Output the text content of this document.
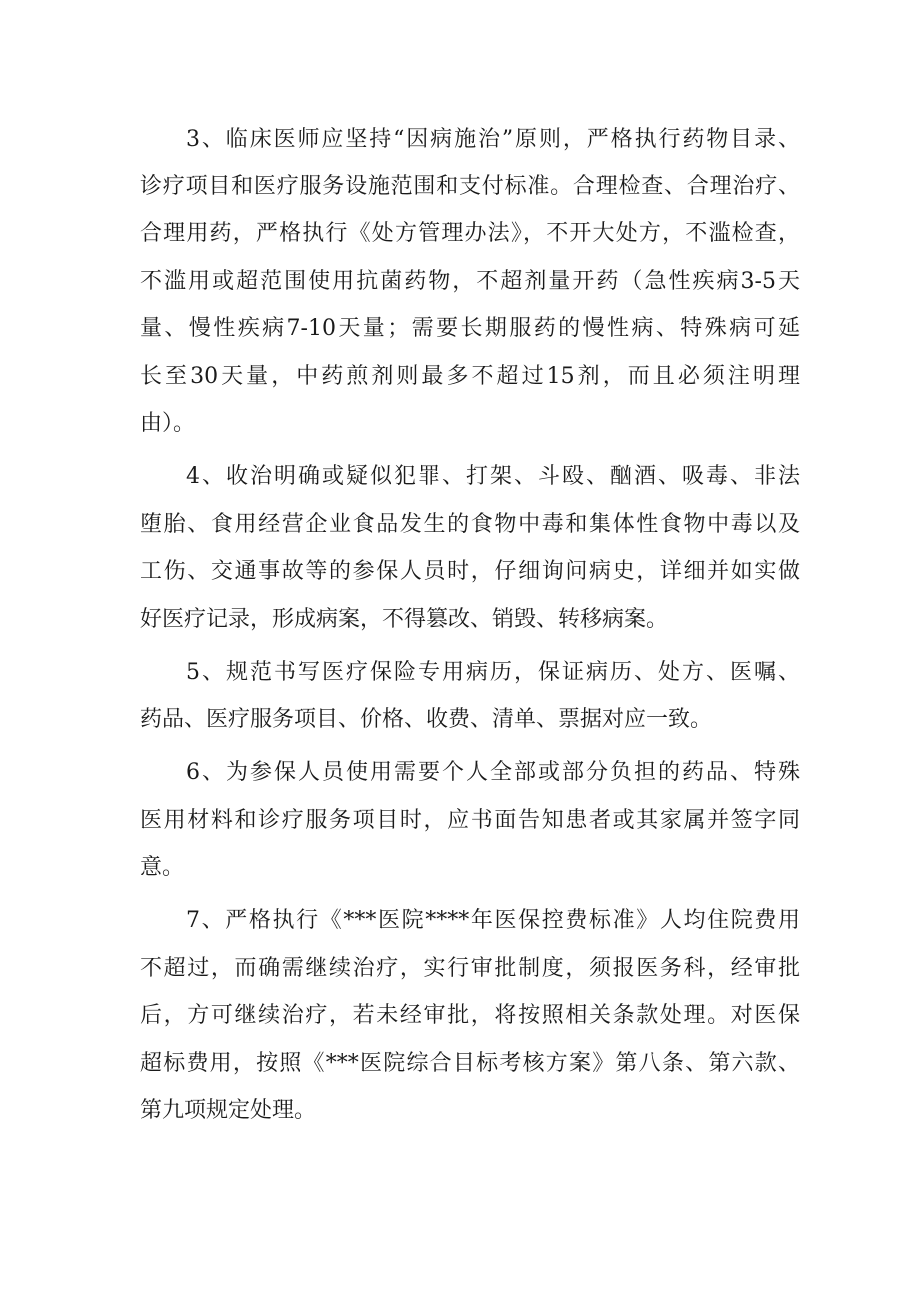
3、临床医师应坚持“因病施治”原则，严格执行药物目录、
诊疗项目和医疗服务设施范围和支付标准。合理检查、合理治疗、
合理用药，严格执行《处方管理办法》，不开大处方，不滥检查，
不滥用或超范围使用抗菌药物，不超剂量开药（急性疾病3-5天
量、慢性疾病7-10天量；需要长期服药的慢性病、特殊病可延
长至30天量，中药煎剂则最多不超过15剂，而且必须注明理
由）。
4、收治明确或疑似犯罪、打架、斗殴、酗酒、吸毒、非法
堕胎、食用经营企业食品发生的食物中毒和集体性食物中毒以及
工伤、交通事故等的参保人员时，仔细询问病史，详细并如实做
好医疗记录，形成病案，不得篡改、销毁、转移病案。
5、规范书写医疗保险专用病历，保证病历、处方、医嘱、
药品、医疗服务项目、价格、收费、清单、票据对应一致。
6、为参保人员使用需要个人全部或部分负担的药品、特殊
医用材料和诊疗服务项目时，应书面告知患者或其家属并签字同
意。
7、严格执行《***医院****年医保控费标准》人均住院费用
不超过，而确需继续治疗，实行审批制度，须报医务科，经审批
后，方可继续治疗，若未经审批，将按照相关条款处理。对医保
超标费用，按照《***医院综合目标考核方案》第八条、第六款、
第九项规定处理。
